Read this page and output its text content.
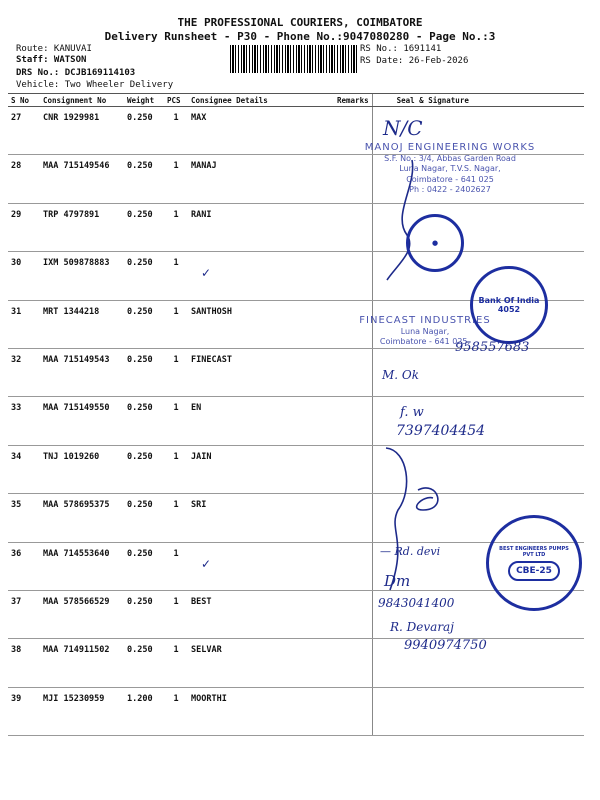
THE PROFESSIONAL COURIERS, COIMBATORE
Delivery Runsheet - P30 - Phone No.:9047080280 - Page No.:3
Route: KANUVAI
Staff: WATSON
DRS No.: DCJB169114103
Vehicle: Two Wheeler Delivery
RS No.: 1691141
RS Date: 26-Feb-2026
S No	Consignment No	Weight	PCS	Consignee Details	Remarks	Seal & Signature
27	CNR 1929981	0.250	1	MAX		
28	MAA 715149546	0.250	1	MANAJ		
29	TRP 4797891	0.250	1	RANI		
30	IXM 509878883	0.250	1	✓		
31	MRT 1344218	0.250	1	SANTHOSH		
32	MAA 715149543	0.250	1	FINECAST		
33	MAA 715149550	0.250	1	EN		
34	TNJ 1019260	0.250	1	JAIN		
35	MAA 578695375	0.250	1	SRI		
36	MAA 714553640	0.250	1	✓		
37	MAA 578566529	0.250	1	BEST		
38	MAA 714911502	0.250	1	SELVAR		
39	MJI 15230959	1.200	1	MOORTHI		
N/C
MANOJ ENGINEERING WORKS
S.F. No : 3/4, Abbas Garden Road
Luna Nagar, T.V.S. Nagar,
Coimbatore - 641 025
Ph : 0422 - 2402627
●
Bank Of India
4052
FINECAST INDUSTRIES
Luna Nagar,
Coimbatore - 641 025.
958557683
M. Ok
f. w
7397404454
— Rd. devi	BEST ENGINEERS PUMPS PVT LTD
CBE-25
Dm
9843041400
R. Devaraj
9940974750
